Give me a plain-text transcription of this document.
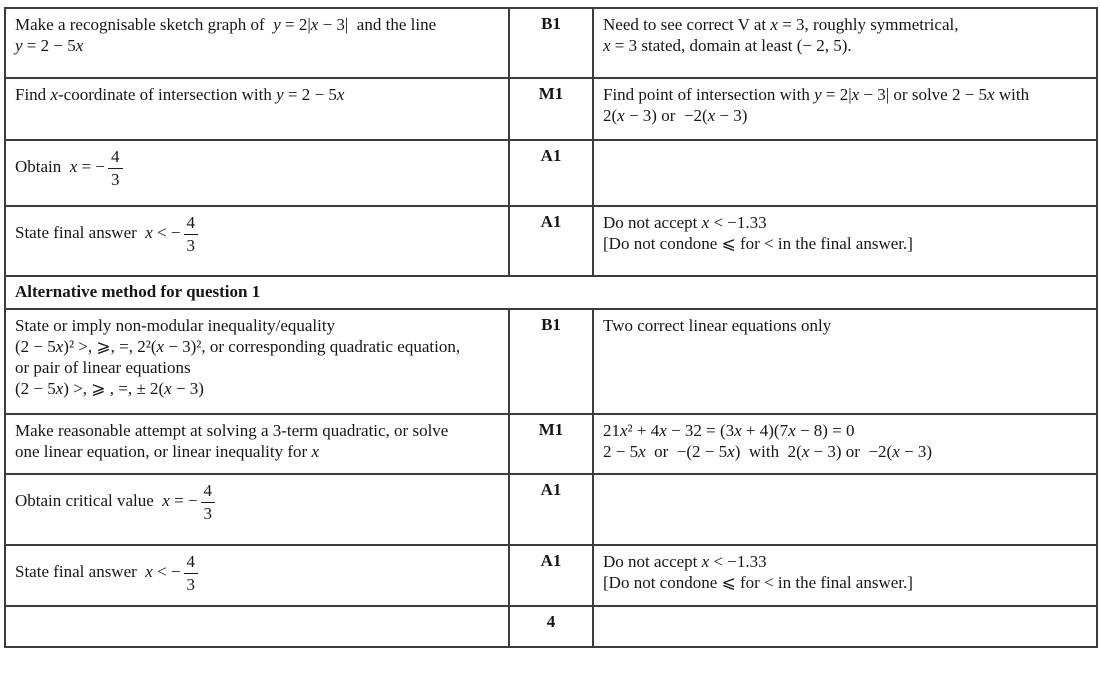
Make a recognisable sketch graph of  y = 2|x − 3|  and the line
y = 2 − 5x
	B1	Need to see correct V at x = 3, roughly symmetrical,
x = 3 stated, domain at least (− 2, 5).

Find x-coordinate of intersection with y = 2 − 5x	M1	Find point of intersection with y = 2|x − 3| or solve 2 − 5x with
2(x − 3) or  −2(x − 3)

Obtain  x = − $\frac{4}{3}$	A1	

State final answer  x < − $\frac{4}{3}$	A1	Do not accept x < −1.33
[Do not condone ⩽ for < in the final answer.]

Alternative method for question 1		

State or imply non-modular inequality/equality
(2 − 5x)² >, ⩾, =, 2²(x − 3)², or corresponding quadratic equation,
or pair of linear equations
(2 − 5x) >, ⩾ , =, ± 2(x − 3)	B1	Two correct linear equations only

Make reasonable attempt at solving a 3-term quadratic, or solve
one linear equation, or linear inequality for x
	M1	21x² + 4x − 32 = (3x + 4)(7x − 8) = 0
2 − 5x  or  −(2 − 5x)  with  2(x − 3) or  −2(x − 3)

Obtain critical value  x = − $\frac{4}{3}$	A1	

State final answer  x < − $\frac{4}{3}$	A1	Do not accept x < −1.33
[Do not condone ⩽ for < in the final answer.]

	4	
